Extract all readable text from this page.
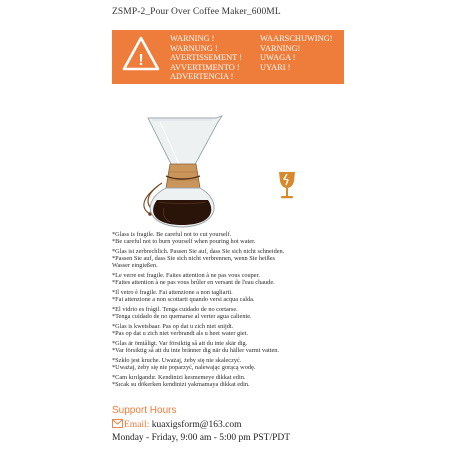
ZSMP-2_Pour Over Coffee Maker_600ML
!
WARNING !
WARNUNG !
AVERTISSEMENT !
AVVERTIMENTO !
ADVERTENCIA !
WAARSCHUWING!
VARNING!
UWAGA !
UYARI !
*Glass is fragile. Be careful not to cut yourself.
*Be careful not to burn yourself when pouring hot water.
*Glas ist zerbrechlich. Passen Sie auf, dass Sie sich nicht schneiden.
*Passen Sie auf, dass Sie sich nicht verbrennen, wenn Sie heißes
Wasser eingießen.
*Le verre est fragile. Faites attention à ne pas vous couper.
*Faites attention à ne pas vous brûler en versant de l'eau chaude.
*Il vetro è fragile. Fai attenzione a non tagliarti.
*Fai attenzione a non scottarti quando versi acqua calda.
*El vidrio es frágil. Tenga cuidado de no cortarse.
*Tenga cuidado de no quemarse al verter agua caliente.
*Glas is kwetsbaar. Pas op dat u zich niet snijdt.
*Pas op dat u zich niet verbrandt als u heet water giet.
*Glas är ömtåligt. Var försiktig så att du inte skär dig.
*Var försiktig så att du inte bränner dig när du häller varmt vatten.
*Szkło jest kruche. Uważaj, żeby się nie skaleczyć.
*Uważaj, żeby się nie poparzyć, nalewając gorącą wodę.
*Cam kırılgandır. Kendinizi kesmemeye dikkat edin.
*Sıcak su dökerken kendinizi yakmamaya dikkat edin.
Support Hours
Email: kuaxigsform@163.com
Monday - Friday, 9:00 am - 5:00 pm PST/PDT
